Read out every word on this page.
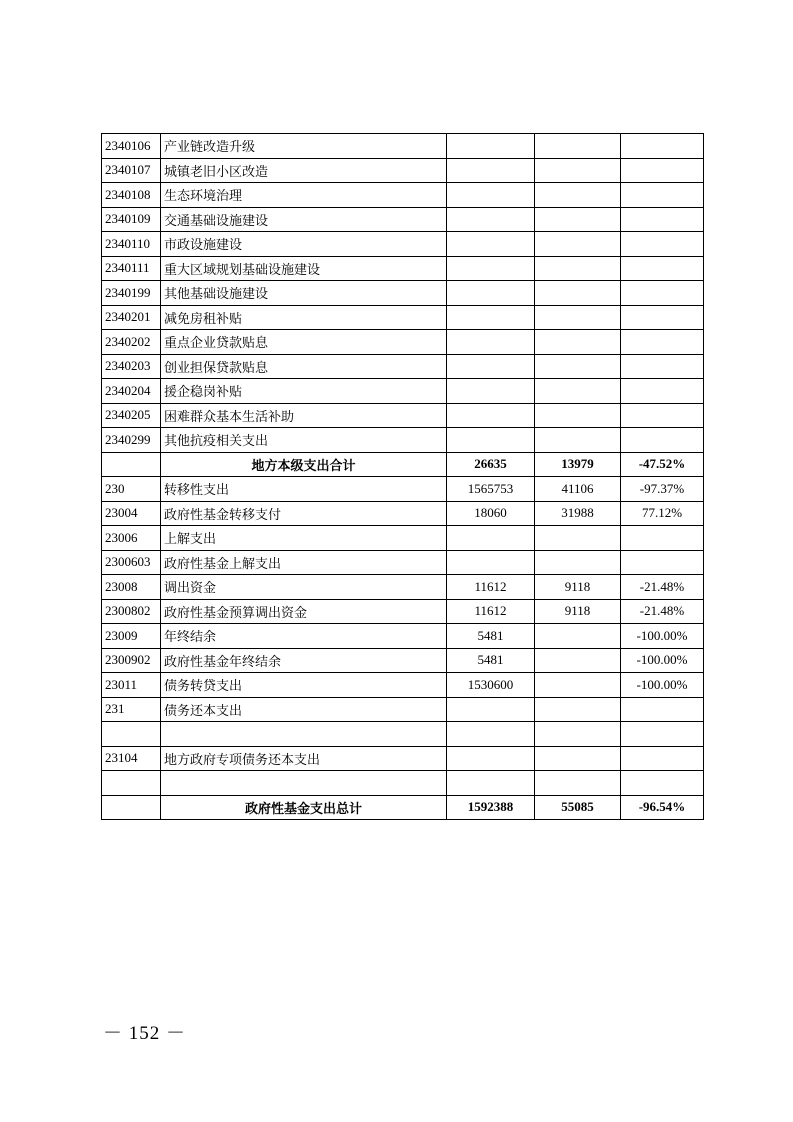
2340106	产业链改造升级			
2340107	城镇老旧小区改造			
2340108	生态环境治理			
2340109	交通基础设施建设			
2340110	市政设施建设			
2340111	重大区域规划基础设施建设			
2340199	其他基础设施建设			
2340201	减免房租补贴			
2340202	重点企业贷款贴息			
2340203	创业担保贷款贴息			
2340204	援企稳岗补贴			
2340205	困难群众基本生活补助			
2340299	其他抗疫相关支出			
	地方本级支出合计	26635	13979	-47.52%
230	转移性支出	1565753	41106	-97.37%
23004	政府性基金转移支付	18060	31988	77.12%
23006	上解支出			
2300603	政府性基金上解支出			
23008	调出资金	11612	9118	-21.48%
2300802	政府性基金预算调出资金	11612	9118	-21.48%
23009	年终结余	5481		-100.00%
2300902	政府性基金年终结余	5481		-100.00%
23011	债务转贷支出	1530600		-100.00%
231	债务还本支出			

23104	地方政府专项债务还本支出			

	政府性基金支出总计	1592388	55085	-96.54%
－ 152 －
